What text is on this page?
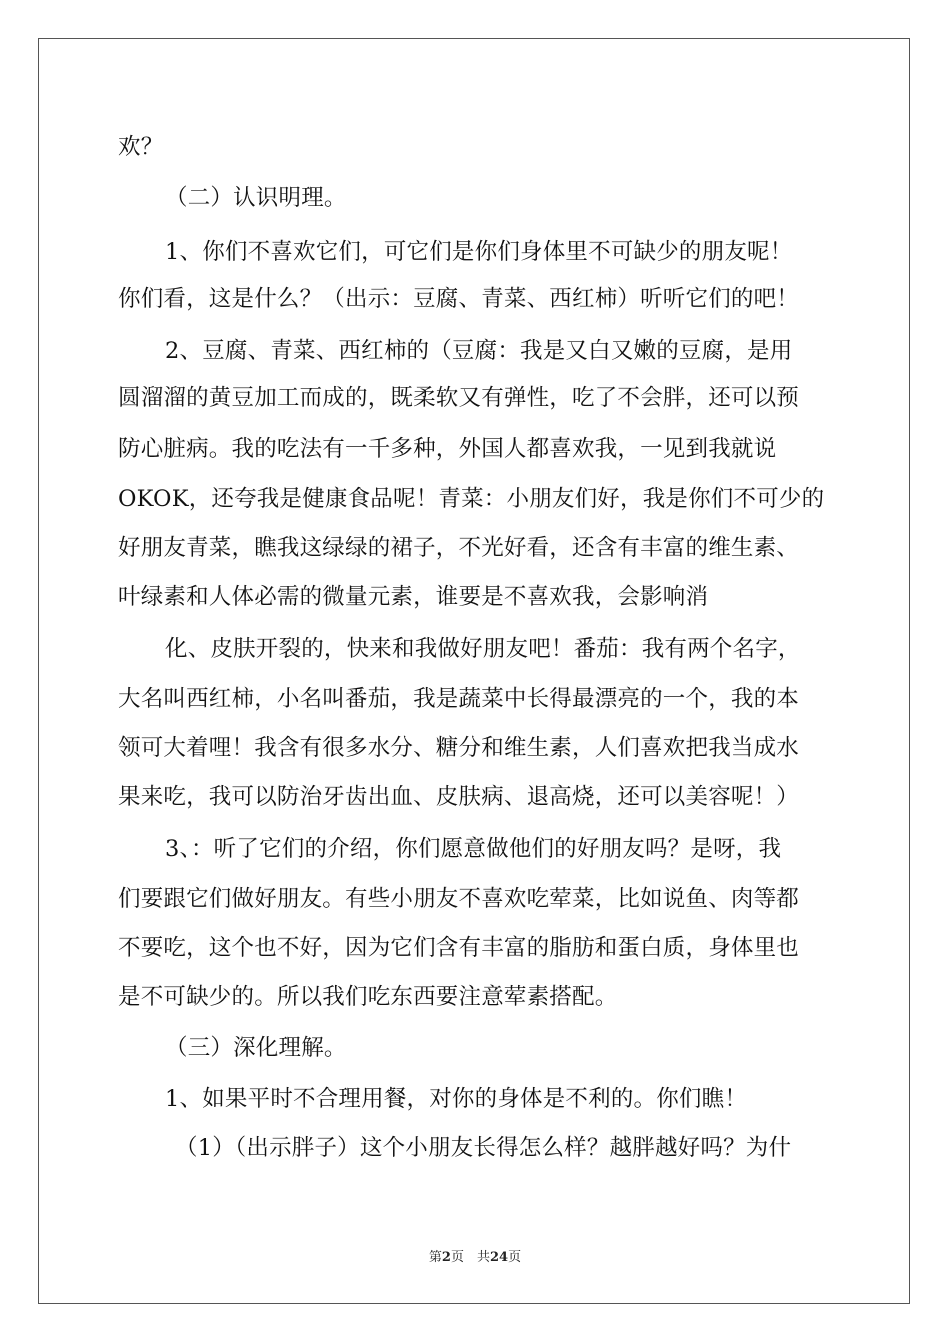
欢？
（二）认识明理。
1、你们不喜欢它们，可它们是你们身体里不可缺少的朋友呢！
你们看，这是什么？（出示：豆腐、青菜、西红柿）听听它们的吧！
2、豆腐、青菜、西红柿的（豆腐：我是又白又嫩的豆腐，是用
圆溜溜的黄豆加工而成的，既柔软又有弹性，吃了不会胖，还可以预
防心脏病。我的吃法有一千多种，外国人都喜欢我，一见到我就说
OKOK，还夸我是健康食品呢！青菜：小朋友们好，我是你们不可少的
好朋友青菜，瞧我这绿绿的裙子，不光好看，还含有丰富的维生素、
叶绿素和人体必需的微量元素，谁要是不喜欢我，会影响消
化、皮肤开裂的，快来和我做好朋友吧！番茄：我有两个名字，
大名叫西红柿，小名叫番茄，我是蔬菜中长得最漂亮的一个，我的本
领可大着哩！我含有很多水分、糖分和维生素，人们喜欢把我当成水
果来吃，我可以防治牙齿出血、皮肤病、退高烧，还可以美容呢！）
3、：听了它们的介绍，你们愿意做他们的好朋友吗？是呀，我
们要跟它们做好朋友。有些小朋友不喜欢吃荤菜，比如说鱼、肉等都
不要吃，这个也不好，因为它们含有丰富的脂肪和蛋白质，身体里也
是不可缺少的。所以我们吃东西要注意荤素搭配。
（三）深化理解。
1、如果平时不合理用餐，对你的身体是不利的。你们瞧！
（1）（出示胖子）这个小朋友长得怎么样？越胖越好吗？为什
第2页　共24页
